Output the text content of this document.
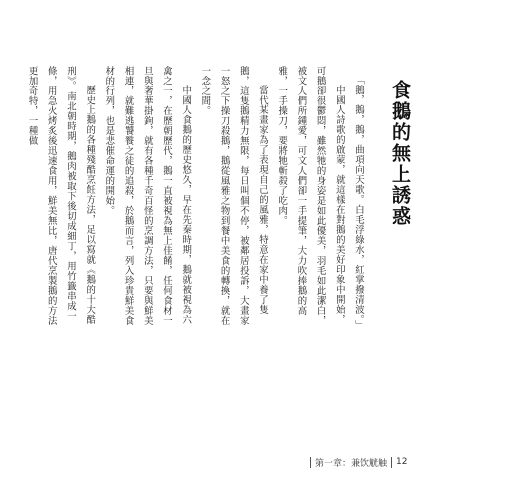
食鵝的無上誘惑

「鵝，鵝，鵝，曲項向天歌。白毛浮綠水，紅掌撥清波。」

中國人詩歌的啟蒙，就這樣在對鵝的美好印象中開始，可鵝卻很鬱悶，雖然牠的身姿是如此優美，羽毛如此潔白，被文人們所鍾愛，可文人們卻一手提筆，大力吹捧鵝的高雅，一手操刀，要將牠斬殺了吃肉。

當代某畫家為了表現自己的風雅，特意在家中養了隻鵝，這隻鵝精力無限，每日叫個不停，被鄰居投訴，大畫家一怒之下操刀殺鵝，鵝從風雅之物到餐中美食的轉換，就在一念之間。

中國人食鵝的歷史悠久，早在先秦時期，鵝就被視為六禽之一，在歷朝歷代，鵝一直被視為無上佳餚，任何食材一旦與奢華掛鉤，就有各種千奇百怪的烹調方法，只要與鮮美相連，就難逃饕餮之徒的追殺，於鵝而言，列入珍貴鮮美食材的行列，也是悲催命運的開始。

歷史上鵝的各種殘酷烹飪方法，足以寫就《鵝的十大酷刑》。南北朝時期，鵝肉被取下後切成細丁，用竹籤串成一條，用急火烤炙後迅速食用，鮮美無比，唐代烹製鵝的方法更加奇特，一種做

第一章：兼饮觥触 12
